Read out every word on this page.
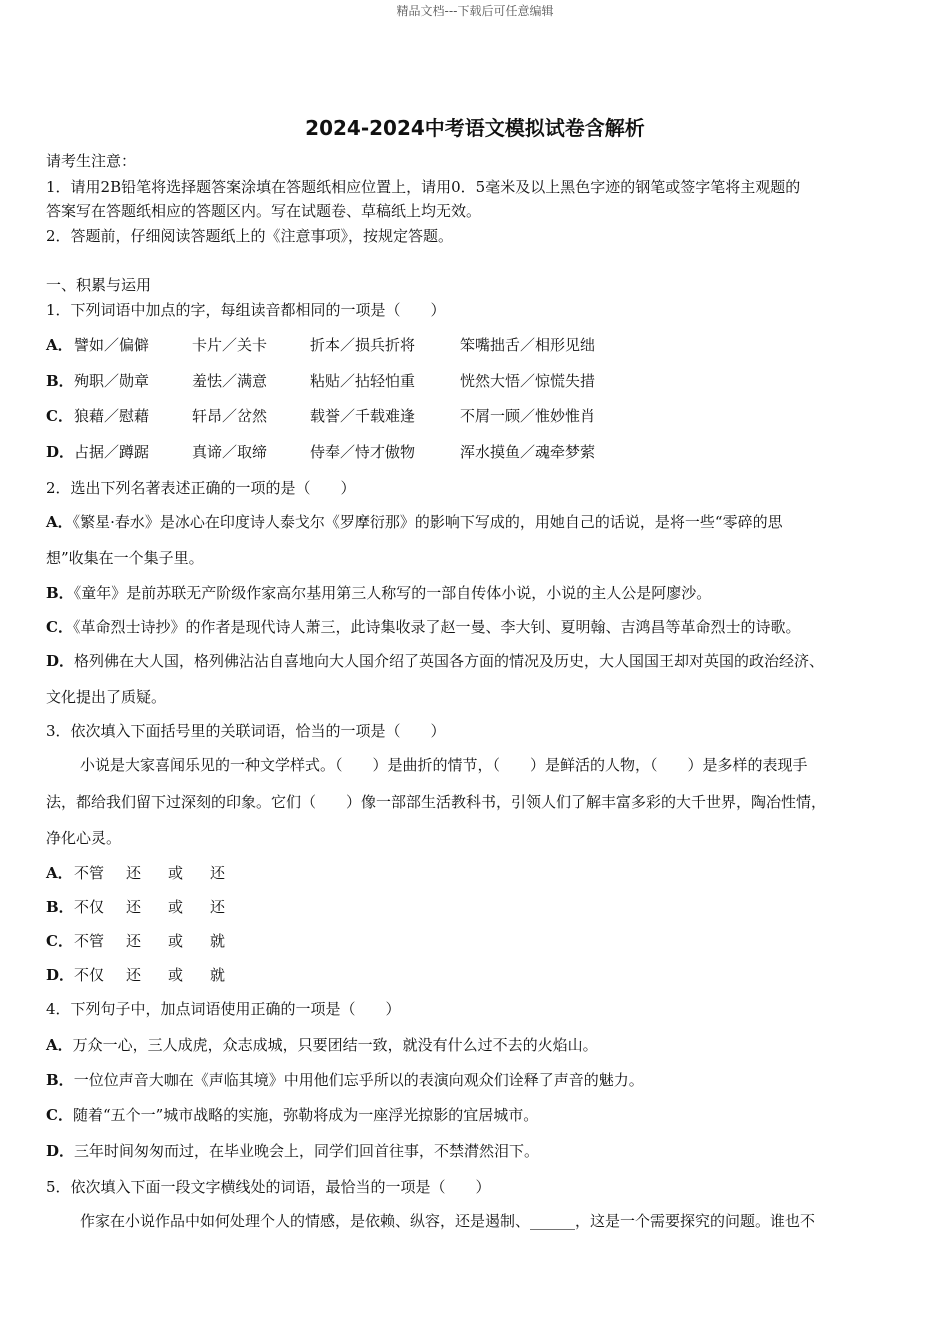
精品文档---下载后可任意编辑
2024-2024中考语文模拟试卷含解析
请考生注意：
1．请用2B铅笔将选择题答案涂填在答题纸相应位置上，请用0．5毫米及以上黑色字迹的钢笔或签字笔将主观题的
答案写在答题纸相应的答题区内。写在试题卷、草稿纸上均无效。
2．答题前，仔细阅读答题纸上的《注意事项》，按规定答题。
一、积累与运用
1．下列词语中加点的字，每组读音都相同的一项是（　　）
A．譬如／偏僻	卡片／关卡	折本／损兵折将	笨嘴拙舌／相形见绌
B．殉职／勋章	羞怯／满意	粘贴／拈轻怕重	恍然大悟／惊慌失措
C．狼藉／慰藉	轩昂／岔然	载誉／千载难逢	不屑一顾／惟妙惟肖
D．占据／蹲踞	真谛／取缔	侍奉／恃才傲物	浑水摸鱼／魂牵梦萦
2．选出下列名著表述正确的一项的是（　　）
A．《繁星·春水》是冰心在印度诗人泰戈尔《罗摩衍那》的影响下写成的，用她自己的话说，是将一些“零碎的思
想”收集在一个集子里。
B．《童年》是前苏联无产阶级作家高尔基用第三人称写的一部自传体小说，小说的主人公是阿廖沙。
C．《革命烈士诗抄》的作者是现代诗人萧三，此诗集收录了赵一曼、李大钊、夏明翰、吉鸿昌等革命烈士的诗歌。
D．格列佛在大人国，格列佛沾沾自喜地向大人国介绍了英国各方面的情况及历史，大人国国王却对英国的政治经济、
文化提出了质疑。
3．依次填入下面括号里的关联词语，恰当的一项是（　　）
小说是大家喜闻乐见的一种文学样式。（　　）是曲折的情节，（　　）是鲜活的人物，（　　）是多样的表现手
法，都给我们留下过深刻的印象。它们（　　）像一部部生活教科书，引领人们了解丰富多彩的大千世界，陶冶性情，
净化心灵。
A．不管 还 或 还
B．不仅 还 或 还
C．不管 还 或 就
D．不仅 还 或 就
4．下列句子中，加点词语使用正确的一项是（　　）
A．万众一心，三人成虎，众志成城，只要团结一致，就没有什么过不去的火焰山。
B．一位位声音大咖在《声临其境》中用他们忘乎所以的表演向观众们诠释了声音的魅力。
C．随着“五个一”城市战略的实施，弥勒将成为一座浮光掠影的宜居城市。
D．三年时间匆匆而过，在毕业晚会上，同学们回首往事，不禁潸然泪下。
5．依次填入下面一段文字横线处的词语，最恰当的一项是（　　）
作家在小说作品中如何处理个人的情感，是依赖、纵容，还是遏制、______，这是一个需要探究的问题。谁也不
